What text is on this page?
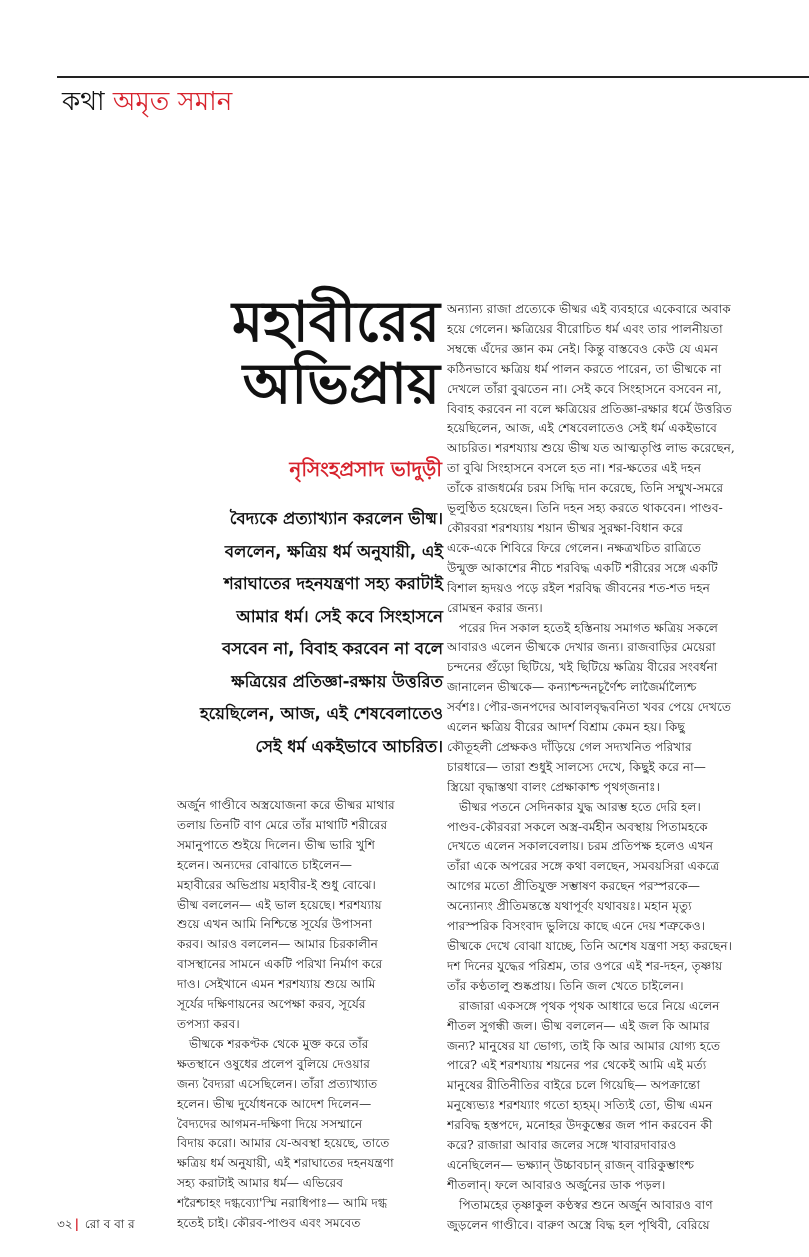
কথা অমৃত সমান
মহাবীরের
অভিপ্রায়
নৃসিংহপ্রসাদ ভাদুড়ী
বৈদ্যকে প্রত্যাখ্যান করলেন ভীষ্ম।
বললেন, ক্ষত্রিয় ধর্ম অনুযায়ী, এই
শরাঘাতের দহনযন্ত্রণা সহ্য করাটাই
আমার ধর্ম। সেই কবে সিংহাসনে
বসবেন না, বিবাহ করবেন না বলে
ক্ষত্রিয়ের প্রতিজ্ঞা-রক্ষায় উত্তরিত
হয়েছিলেন, আজ, এই শেষবেলাতেও
সেই ধর্ম একইভাবে আচরিত।
অর্জুন গাণ্ডীবে অস্ত্রযোজনা করে ভীষ্মর মাথার
তলায় তিনটি বাণ মেরে তাঁর মাথাটি শরীরের
সমানুপাতে শুইয়ে দিলেন। ভীষ্ম ভারি খুশি
হলেন। অন্যদের বোঝাতে চাইলেন—
মহাবীরের অভিপ্রায় মহাবীর-ই শুধু বোঝে।
ভীষ্ম বললেন— এই ভাল হয়েছে। শরশয্যায়
শুয়ে এখন আমি নিশ্চিন্তে সূর্যের উপাসনা
করব। আরও বললেন— আমার চিরকালীন
বাসস্থানের সামনে একটি পরিখা নির্মাণ করে
দাও। সেইখানে এমন শরশয্যায় শুয়ে আমি
সূর্যের দক্ষিণায়নের অপেক্ষা করব, সূর্যের
তপস্যা করব।
ভীষ্মকে শরকণ্টক থেকে মুক্ত করে তাঁর
ক্ষতস্থানে ওষুধের প্রলেপ বুলিয়ে দেওয়ার
জন্য বৈদ্যরা এসেছিলেন। তাঁরা প্রত্যাখ্যাত
হলেন। ভীষ্ম দুর্যোধনকে আদেশ দিলেন—
বৈদ্যদের আগমন-দক্ষিণা দিয়ে সসম্মানে
বিদায় করো। আমার যে-অবস্থা হয়েছে, তাতে
ক্ষত্রিয় ধর্ম অনুযায়ী, এই শরাঘাতের দহনযন্ত্রণা
সহ্য করাটাই আমার ধর্ম— এভিরেব
শরৈশ্চাহং দগ্ধব্যো'স্মি নরাধিপাঃ— আমি দগ্ধ
হতেই চাই। কৌরব-পাণ্ডব এবং সমবেত
অন্যান্য রাজা প্রত্যেকে ভীষ্মর এই ব্যবহারে একেবারে অবাক
হয়ে গেলেন। ক্ষত্রিয়ের বীরোচিত ধর্ম এবং তার পালনীয়তা
সম্বন্ধে এঁদের জ্ঞান কম নেই। কিন্তু বাস্তবেও কেউ যে এমন
কঠিনভাবে ক্ষত্রিয় ধর্ম পালন করতে পারেন, তা ভীষ্মকে না
দেখলে তাঁরা বুঝতেন না। সেই কবে সিংহাসনে বসবেন না,
বিবাহ করবেন না বলে ক্ষত্রিয়ের প্রতিজ্ঞা-রক্ষার ধর্মে উত্তরিত
হয়েছিলেন, আজ, এই শেষবেলাতেও সেই ধর্ম একইভাবে
আচরিত। শরশয্যায় শুয়ে ভীষ্ম যত আত্মতৃপ্তি লাভ করেছেন,
তা বুঝি সিংহাসনে বসলে হত না। শর-ক্ষতের এই দহন
তাঁকে রাজধর্মের চরম সিদ্ধি দান করেছে, তিনি সম্মুখ-সমরে
ভূলুণ্ঠিত হয়েছেন। তিনি দহন সহ্য করতে থাকবেন। পাণ্ডব-
কৌরবরা শরশয্যায় শয়ান ভীষ্মর সুরক্ষা-বিধান করে
একে-একে শিবিরে ফিরে গেলেন। নক্ষত্রখচিত রাত্রিতে
উন্মুক্ত আকাশের নীচে শরবিদ্ধ একটি শরীরের সঙ্গে একটি
বিশাল হৃদয়ও পড়ে রইল শরবিদ্ধ জীবনের শত-শত দহন
রোমন্থন করার জন্য।
পরের দিন সকাল হতেই হস্তিনায় সমাগত ক্ষত্রিয় সকলে
আবারও এলেন ভীষ্মকে দেখার জন্য। রাজবাড়ির মেয়েরা
চন্দনের গুঁড়ো ছিটিয়ে, খই ছিটিয়ে ক্ষত্রিয় বীরের সংবর্ধনা
জানালেন ভীষ্মকে— কন্যাশ্চন্দনচূর্ণৈশ্চ লাজৈর্মাল্যৈশ্চ
সর্বশঃ। পৌর-জনপদের আবালবৃদ্ধবনিতা খবর পেয়ে দেখতে
এলেন ক্ষত্রিয় বীরের আদর্শ বিশ্রাম কেমন হয়। কিছু
কৌতূহলী প্রেক্ষকও দাঁড়িয়ে গেল সদ্যখনিত পরিখার
চারধারে— তারা শুধুই সালস্যে দেখে, কিছুই করে না—
স্ত্রিয়ো বৃদ্ধাস্তথা বালং প্রেক্ষাকাশ্চ পৃথগ্জনাঃ।
ভীষ্মর পতনে সেদিনকার যুদ্ধ আরম্ভ হতে দেরি হল।
পাণ্ডব-কৌরবরা সকলে অস্ত্র-বর্মহীন অবস্থায় পিতামহকে
দেখতে এলেন সকালবেলায়। চরম প্রতিপক্ষ হলেও এখন
তাঁরা একে অপরের সঙ্গে কথা বলছেন, সমবয়সিরা একত্রে
আগের মতো প্রীতিযুক্ত সম্ভাষণ করছেন পরস্পরকে—
অন্যোন্যং প্রীতিমন্তস্তে যথাপূর্বং যথাবয়ঃ। মহান মৃত্যু
পারস্পরিক বিসংবাদ ভুলিয়ে কাছে এনে দেয় শত্রুকেও।
ভীষ্মকে দেখে বোঝা যাচ্ছে, তিনি অশেষ যন্ত্রণা সহ্য করছেন।
দশ দিনের যুদ্ধের পরিশ্রম, তার ওপরে এই শর-দহন, তৃষ্ণায়
তাঁর কণ্ঠতালু শুষ্কপ্রায়। তিনি জল খেতে চাইলেন।
রাজারা একসঙ্গে পৃথক পৃথক আধারে ভরে নিয়ে এলেন
শীতল সুগন্ধী জল। ভীষ্ম বললেন— এই জল কি আমার
জন্য? মানুষের যা ভোগ্য, তাই কি আর আমার যোগ্য হতে
পারে? এই শরশয্যায় শয়নের পর থেকেই আমি এই মর্ত্য
মানুষের রীতিনীতির বাইরে চলে গিয়েছি— অপক্রান্তো
মনুষ্যেভ্যঃ শরশয্যাং গতো হ্যহম্। সত্যিই তো, ভীষ্ম এমন
শরবিদ্ধ হস্তপদে, মনোহর উদকুম্ভের জল পান করবেন কী
করে? রাজারা আবার জলের সঙ্গে খাবারদাবারও
এনেছিলেন— ভক্ষ্যান্ উচ্চাবচান্ রাজন্ বারিকুম্ভাংশ্চ
শীতলান্। ফলে আবারও অর্জুনের ডাক পড়ল।
পিতামহের তৃষ্ণাকুল কণ্ঠস্বর শুনে অর্জুন আবারও বাণ
জুড়লেন গাণ্ডীবে। বারুণ অস্ত্রে বিদ্ধ হল পৃথিবী, বেরিয়ে
৩২ | রো ব বা র
